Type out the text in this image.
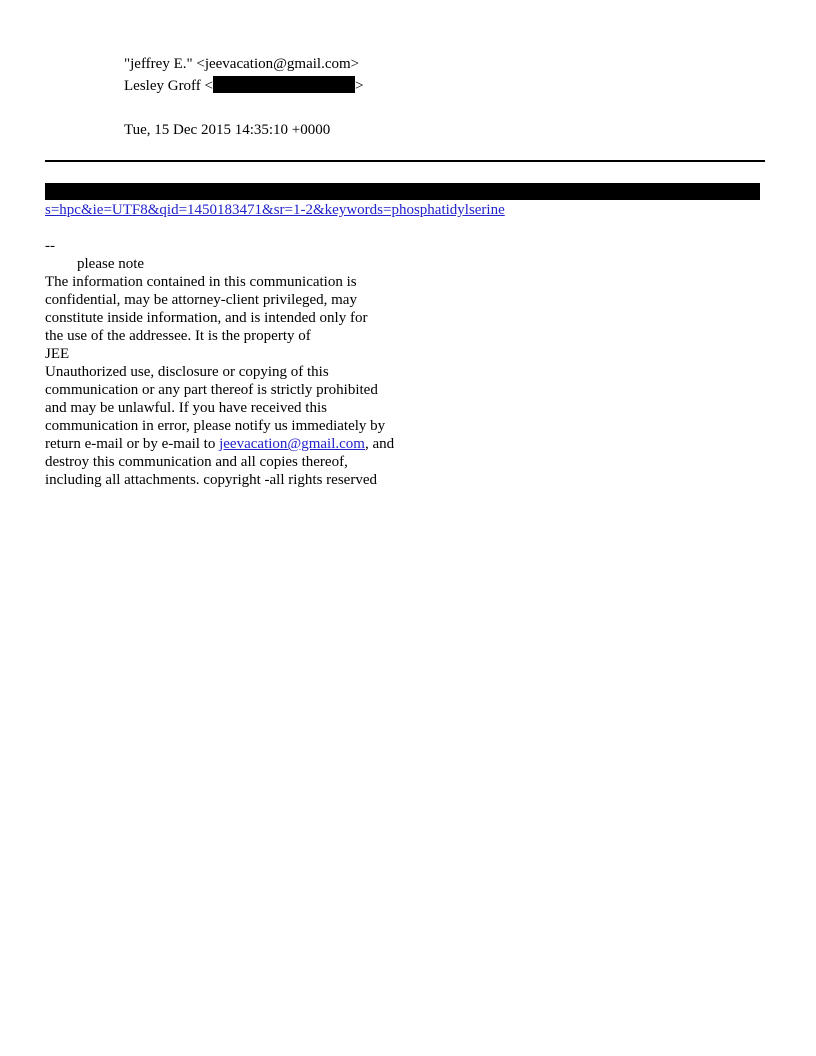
"jeffrey E." <jeevacation@gmail.com>
Lesley Groff <	>
Tue, 15 Dec 2015 14:35:10 +0000
s=hpc&ie=UTF8&qid=1450183471&sr=1-2&keywords=phosphatidylserine
--
please note
The information contained in this communication is
confidential, may be attorney-client privileged, may
constitute inside information, and is intended only for
the use of the addressee. It is the property of
JEE
Unauthorized use, disclosure or copying of this
communication or any part thereof is strictly prohibited
and may be unlawful. If you have received this
communication in error, please notify us immediately by
return e-mail or by e-mail to jeevacation@gmail.com, and
destroy this communication and all copies thereof,
including all attachments. copyright -all rights reserved
